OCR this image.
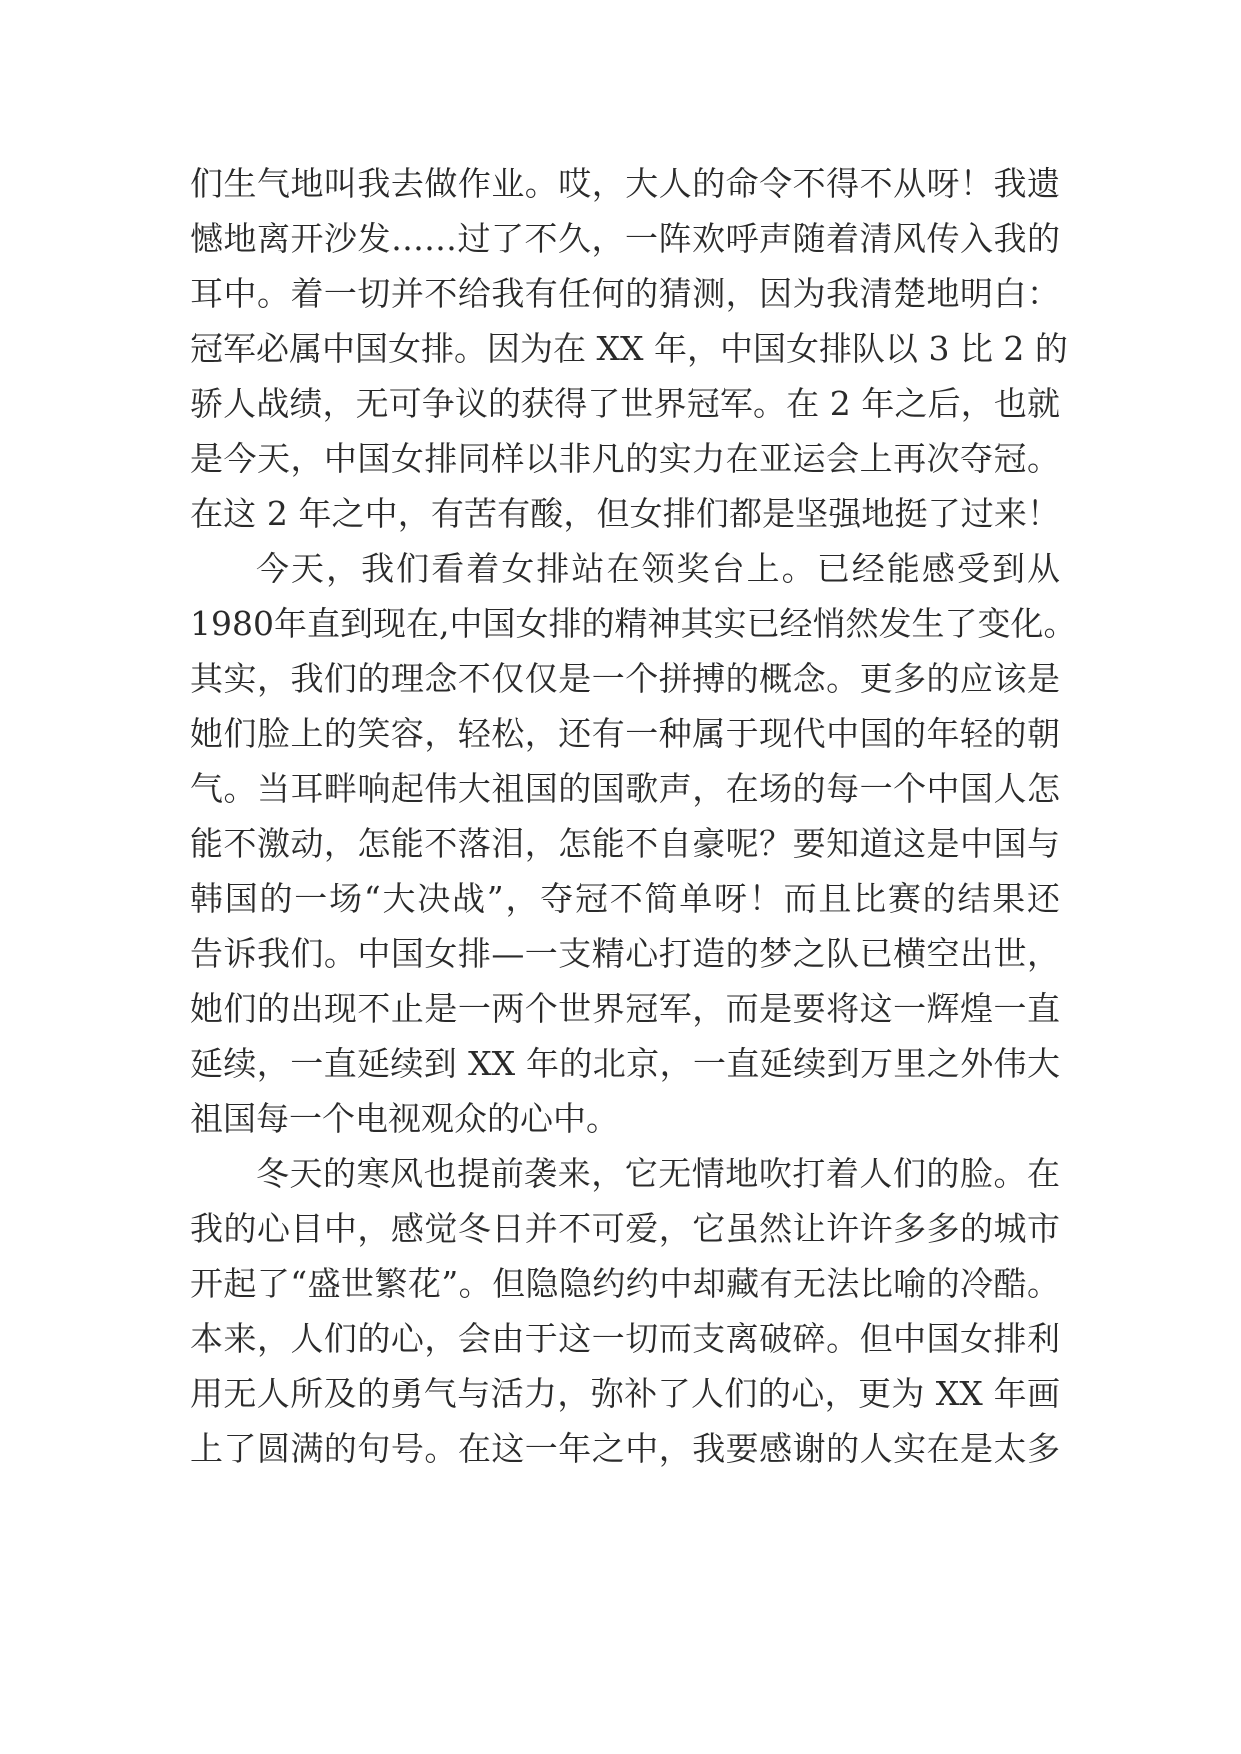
们生气地叫我去做作业。哎，大人的命令不得不从呀！我遗
憾地离开沙发……过了不久，一阵欢呼声随着清风传入我的
耳中。着一切并不给我有任何的猜测，因为我清楚地明白：
冠军必属中国女排。因为在 XX 年，中国女排队以 3 比 2 的
骄人战绩，无可争议的获得了世界冠军。在 2 年之后，也就
是今天，中国女排同样以非凡的实力在亚运会上再次夺冠。
在这 2 年之中，有苦有酸，但女排们都是坚强地挺了过来！
今天，我们看着女排站在领奖台上。已经能感受到从
1980年直到现在,中国女排的精神其实已经悄然发生了变化。
其实，我们的理念不仅仅是一个拼搏的概念。更多的应该是
她们脸上的笑容，轻松，还有一种属于现代中国的年轻的朝
气。当耳畔响起伟大祖国的国歌声，在场的每一个中国人怎
能不激动，怎能不落泪，怎能不自豪呢？要知道这是中国与
韩国的一场“大决战”，夺冠不简单呀！而且比赛的结果还
告诉我们。中国女排—一支精心打造的梦之队已横空出世，
她们的出现不止是一两个世界冠军，而是要将这一辉煌一直
延续，一直延续到 XX 年的北京，一直延续到万里之外伟大
祖国每一个电视观众的心中。
冬天的寒风也提前袭来，它无情地吹打着人们的脸。在
我的心目中，感觉冬日并不可爱，它虽然让许许多多的城市
开起了“盛世繁花”。但隐隐约约中却藏有无法比喻的冷酷。
本来，人们的心，会由于这一切而支离破碎。但中国女排利
用无人所及的勇气与活力，弥补了人们的心，更为 XX 年画
上了圆满的句号。在这一年之中，我要感谢的人实在是太多
